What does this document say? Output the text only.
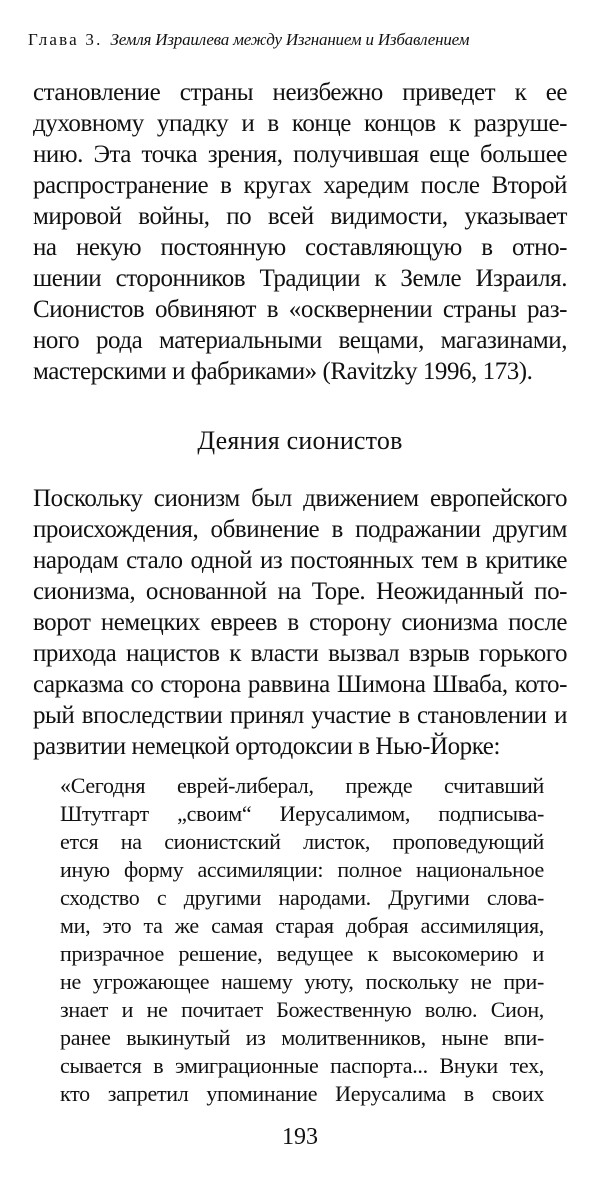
Глава 3. Земля Израилева между Изгнанием и Избавлением
становление страны неизбежно приведет к ее
духовному упадку и в конце концов к разруше-
нию. Эта точка зрения, получившая еще большее
распространение в кругах харедим после Второй
мировой войны, по всей видимости, указывает
на некую постоянную составляющую в отно-
шении сторонников Традиции к Земле Израиля.
Сионистов обвиняют в «осквернении страны раз-
ного рода материальными вещами, магазинами,
мастерскими и фабриками» (Ravitzky 1996, 173).
Деяния сионистов
Поскольку сионизм был движением европейского
происхождения, обвинение в подражании другим
народам стало одной из постоянных тем в критике
сионизма, основанной на Торе. Неожиданный по-
ворот немецких евреев в сторону сионизма после
прихода нацистов к власти вызвал взрыв горького
сарказма со сторона раввина Шимона Шваба, кото-
рый впоследствии принял участие в становлении и
развитии немецкой ортодоксии в Нью-Йорке:
«Сегодня еврей-либерал, прежде считавший
Штутгарт „своим“ Иерусалимом, подписыва-
ется на сионистский листок, проповедующий
иную форму ассимиляции: полное национальное
сходство с другими народами. Другими слова-
ми, это та же самая старая добрая ассимиляция,
призрачное решение, ведущее к высокомерию и
не угрожающее нашему уюту, поскольку не при-
знает и не почитает Божественную волю. Сион,
ранее выкинутый из молитвенников, ныне впи-
сывается в эмиграционные паспорта... Внуки тех,
кто запретил упоминание Иерусалима в своих
193
